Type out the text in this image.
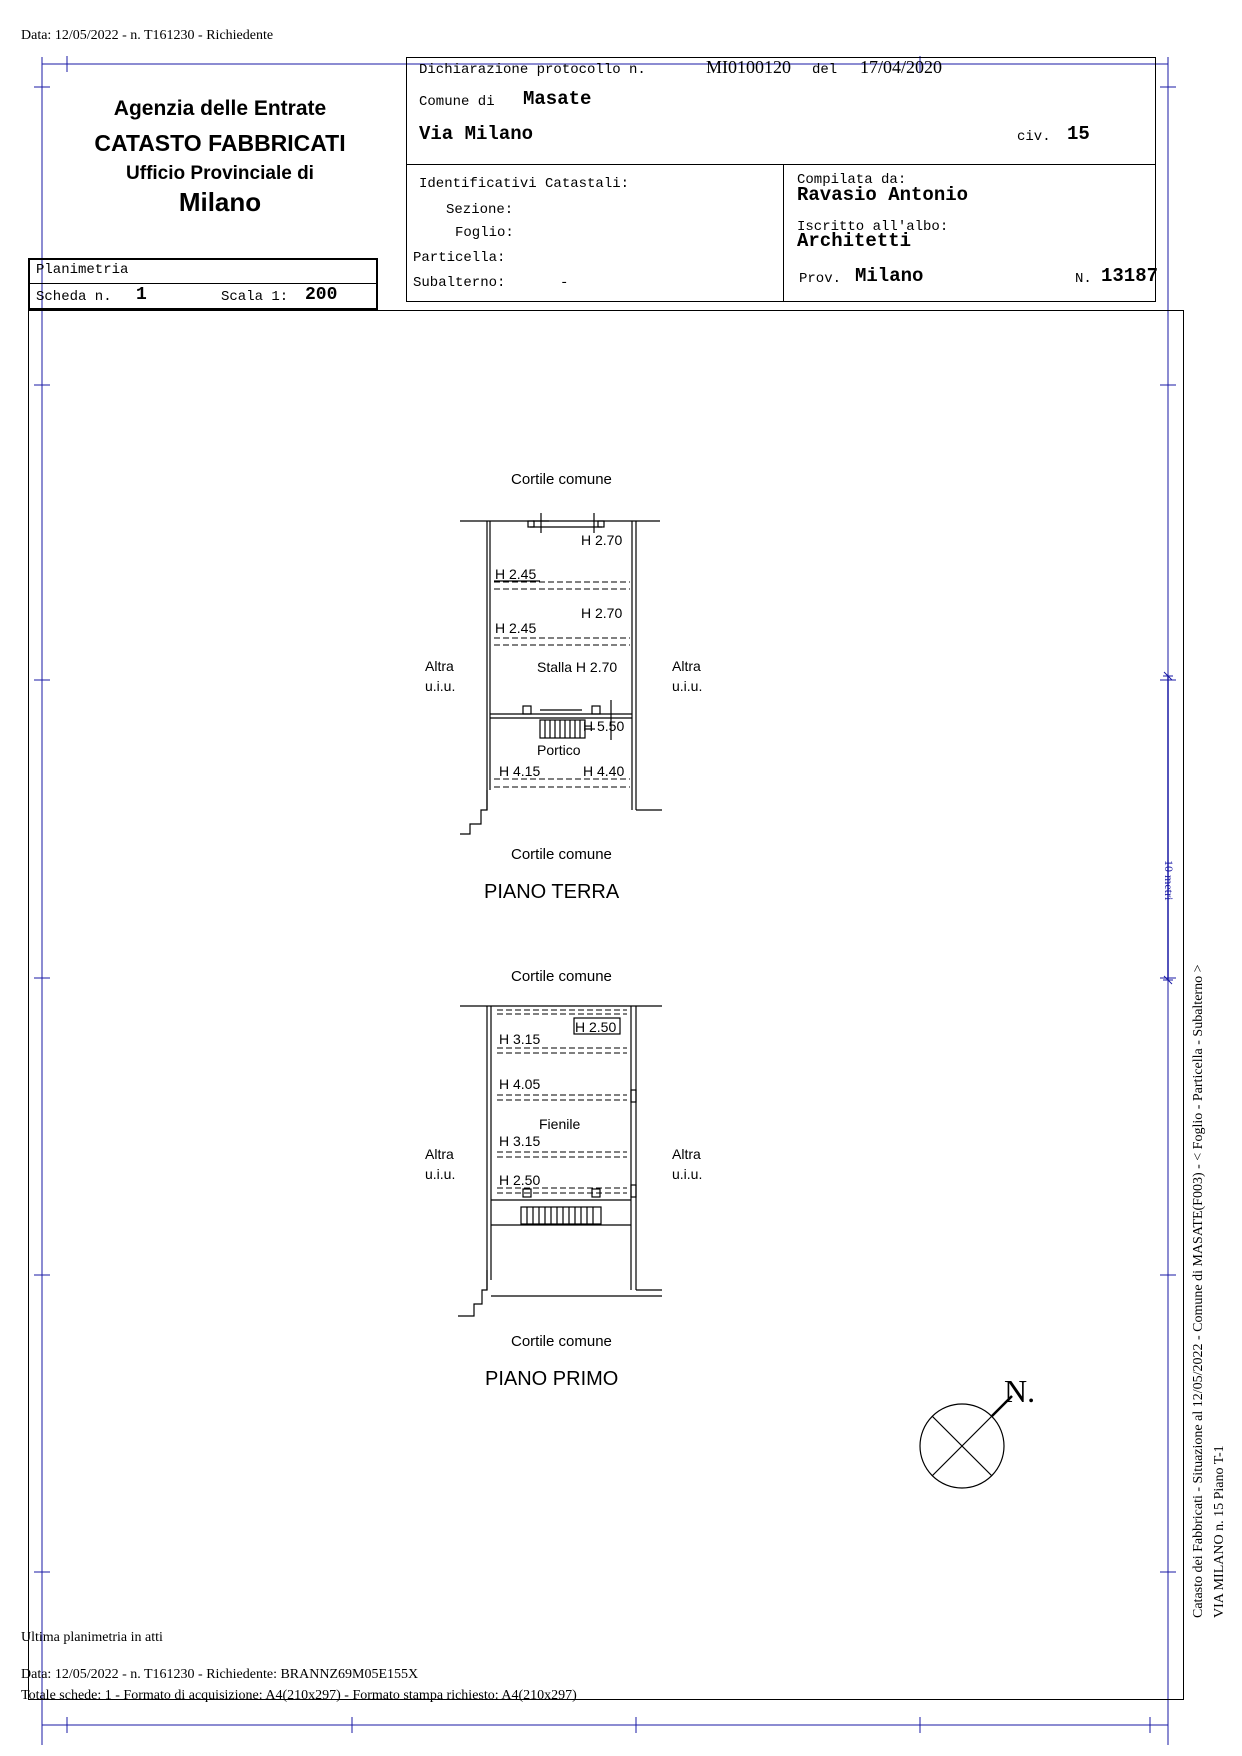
Data: 12/05/2022 - n. T161230 - Richiedente
Agenzia delle Entrate
CATASTO FABBRICATI
Ufficio Provinciale di
Milano
Planimetria
Scheda n. 1	Scala 1: 200
Dichiarazione protocollo n.	MI0100120 del 17/04/2020
Comune di Masate
Via Milano	civ. 15
Identificativi Catastali:
Sezione:
Foglio:
Particella:
Subalterno:	-
Compilata da:
Ravasio Antonio
Iscritto all'albo:
Architetti
Prov. Milano	N. 13187
Cortile comune
H 2.70
H 2.45
H 2.70
H 2.45
Stalla H 2.70
H 5.50
Portico
H 4.15	H 4.40
Cortile comune
Altra
u.i.u.
Altra
u.i.u.
PIANO TERRA
Cortile comune
H 2.50
H 3.15
H 4.05
Fienile
H 3.15
H 2.50
Cortile comune
Altra
u.i.u.
Altra
u.i.u.
PIANO PRIMO	N.
10 metri
Catasto dei Fabbricati - Situazione al 12/05/2022 - Comune di MASATE(F003) - < Foglio - Particella - Subalterno > VIA MILANO n. 15 Piano T-1
Ultima planimetria in atti
Data: 12/05/2022 - n. T161230 - Richiedente: BRANNZ69M05E155X
Totale schede: 1 - Formato di acquisizione: A4(210x297) - Formato stampa richiesto: A4(210x297)
